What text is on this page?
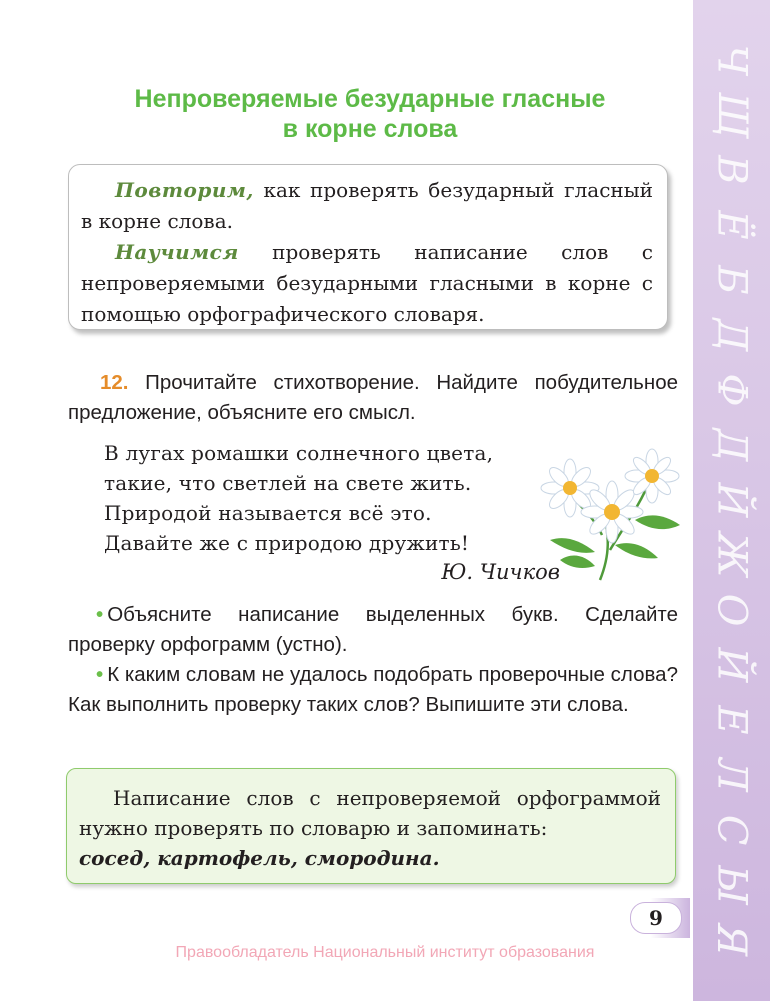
Ч
Щ
В
Ё
Б
Д
Ф
Д
Й
Ж
О
Й
Е
Л
С
Ы
Я
Непроверяемые безударные гласные
в корне слова

Повторим, как проверять безударный гласный в корне слова.

Научимся проверять написание слов с непроверяемыми безударными гласными в корне с помощью орфографического словаря.

12. Прочитайте стихотворение. Найдите побудительное предложение, объясните его смысл.

В лугах ромашки солнечного цвета,

такие, что светлей на свете жить.

Природой называется всё это.

Давайте же с природою дружить!

Ю. Чичков

• Объясните написание выделенных букв. Сделайте проверку орфограмм (устно).

• К каким словам не удалось подобрать проверочные слова? Как выполнить проверку таких слов? Выпишите эти слова.

Написание слов с непроверяемой орфограммой нужно проверять по словарю и запоминать:

сосед, картофель, смородина.

9
Правообладатель Национальный институт образования
